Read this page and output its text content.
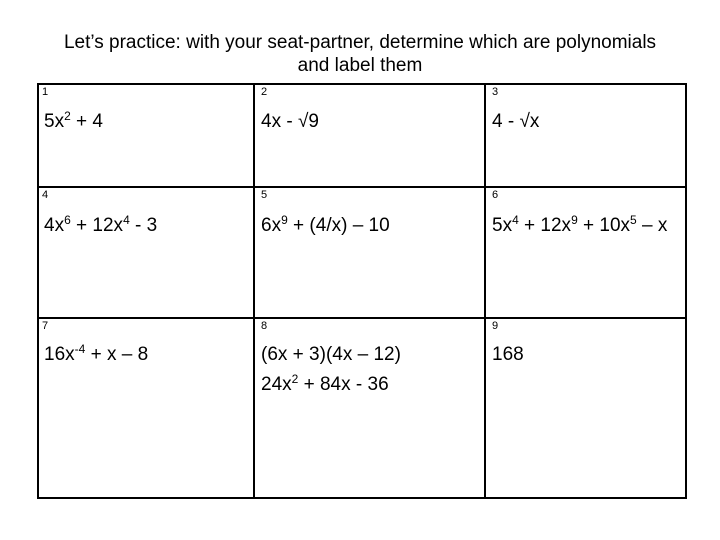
Let’s practice: with your seat-partner, determine which are polynomials
and label them
1
$5x^2 + 4$
2
4x - √9
3
4 - √x
4
$4x^6 + 12x^4 - 3$
5
$6x^9 + (4/x) - 10$
6
$5x^4 + 12x^9 + 10x^5 - x$
7
$16x^{-4} + x - 8$
8
(6x + 3)(4x – 12)
$24x^2 + 84x - 36$
9
168
